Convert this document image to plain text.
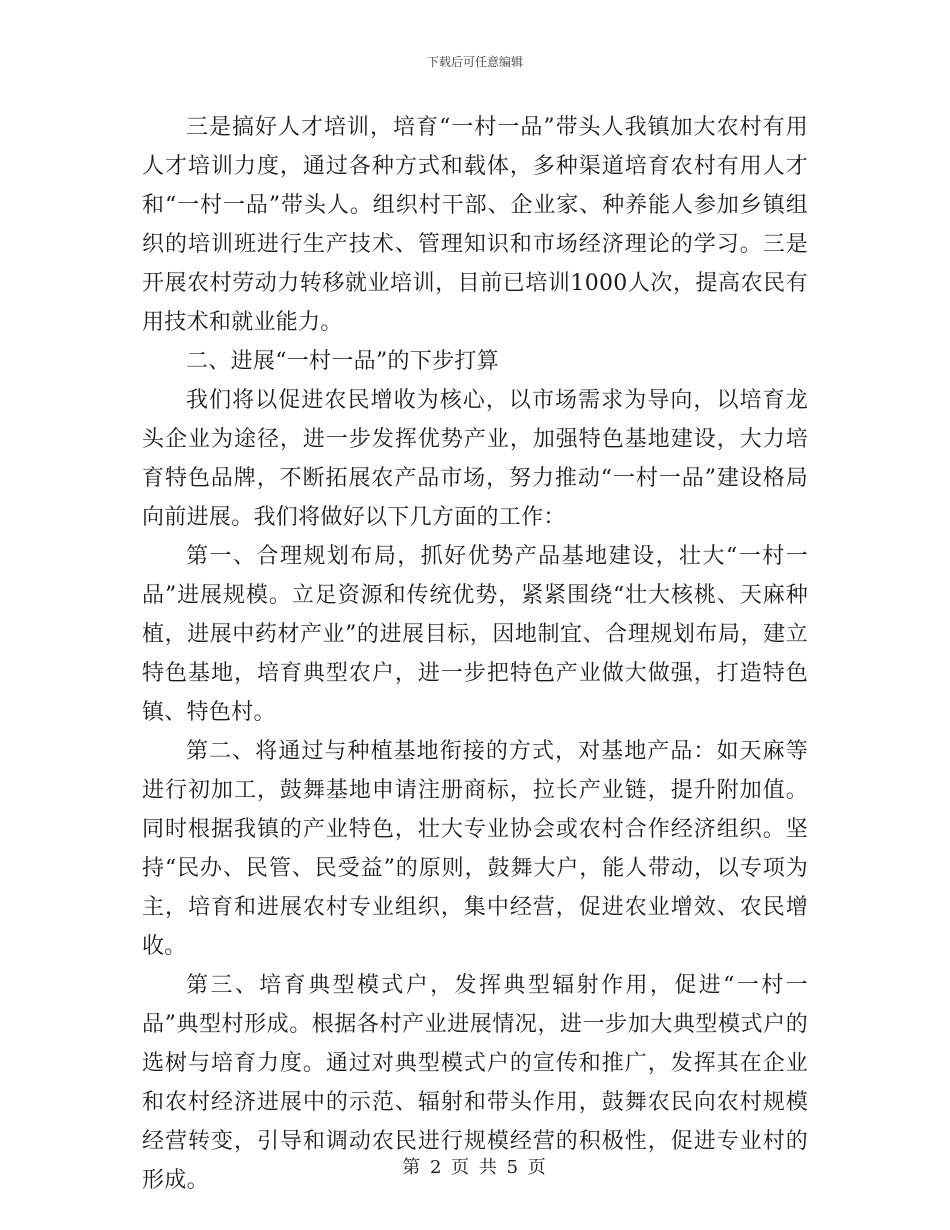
下载后可任意编辑

三是搞好人才培训，培育“一村一品”带头人我镇加大农村有用人才培训力度，通过各种方式和载体，多种渠道培育农村有用人才和“一村一品”带头人。组织村干部、企业家、种养能人参加乡镇组织的培训班进行生产技术、管理知识和市场经济理论的学习。三是开展农村劳动力转移就业培训，目前已培训1000人次，提高农民有用技术和就业能力。

二、进展“一村一品”的下步打算

我们将以促进农民增收为核心，以市场需求为导向，以培育龙头企业为途径，进一步发挥优势产业，加强特色基地建设，大力培育特色品牌，不断拓展农产品市场，努力推动“一村一品”建设格局向前进展。我们将做好以下几方面的工作：

第一、合理规划布局，抓好优势产品基地建设，壮大“一村一品”进展规模。立足资源和传统优势，紧紧围绕“壮大核桃、天麻种植，进展中药材产业”的进展目标，因地制宜、合理规划布局，建立特色基地，培育典型农户，进一步把特色产业做大做强，打造特色镇、特色村。

第二、将通过与种植基地衔接的方式，对基地产品：如天麻等进行初加工，鼓舞基地申请注册商标，拉长产业链，提升附加值。同时根据我镇的产业特色，壮大专业协会或农村合作经济组织。坚持“民办、民管、民受益”的原则，鼓舞大户，能人带动，以专项为主，培育和进展农村专业组织，集中经营，促进农业增效、农民增收。

第三、培育典型模式户，发挥典型辐射作用，促进“一村一品”典型村形成。根据各村产业进展情况，进一步加大典型模式户的选树与培育力度。通过对典型模式户的宣传和推广，发挥其在企业和农村经济进展中的示范、辐射和带头作用，鼓舞农民向农村规模经营转变，引导和调动农民进行规模经营的积极性，促进专业村的形成。

第 2 页 共 5 页
